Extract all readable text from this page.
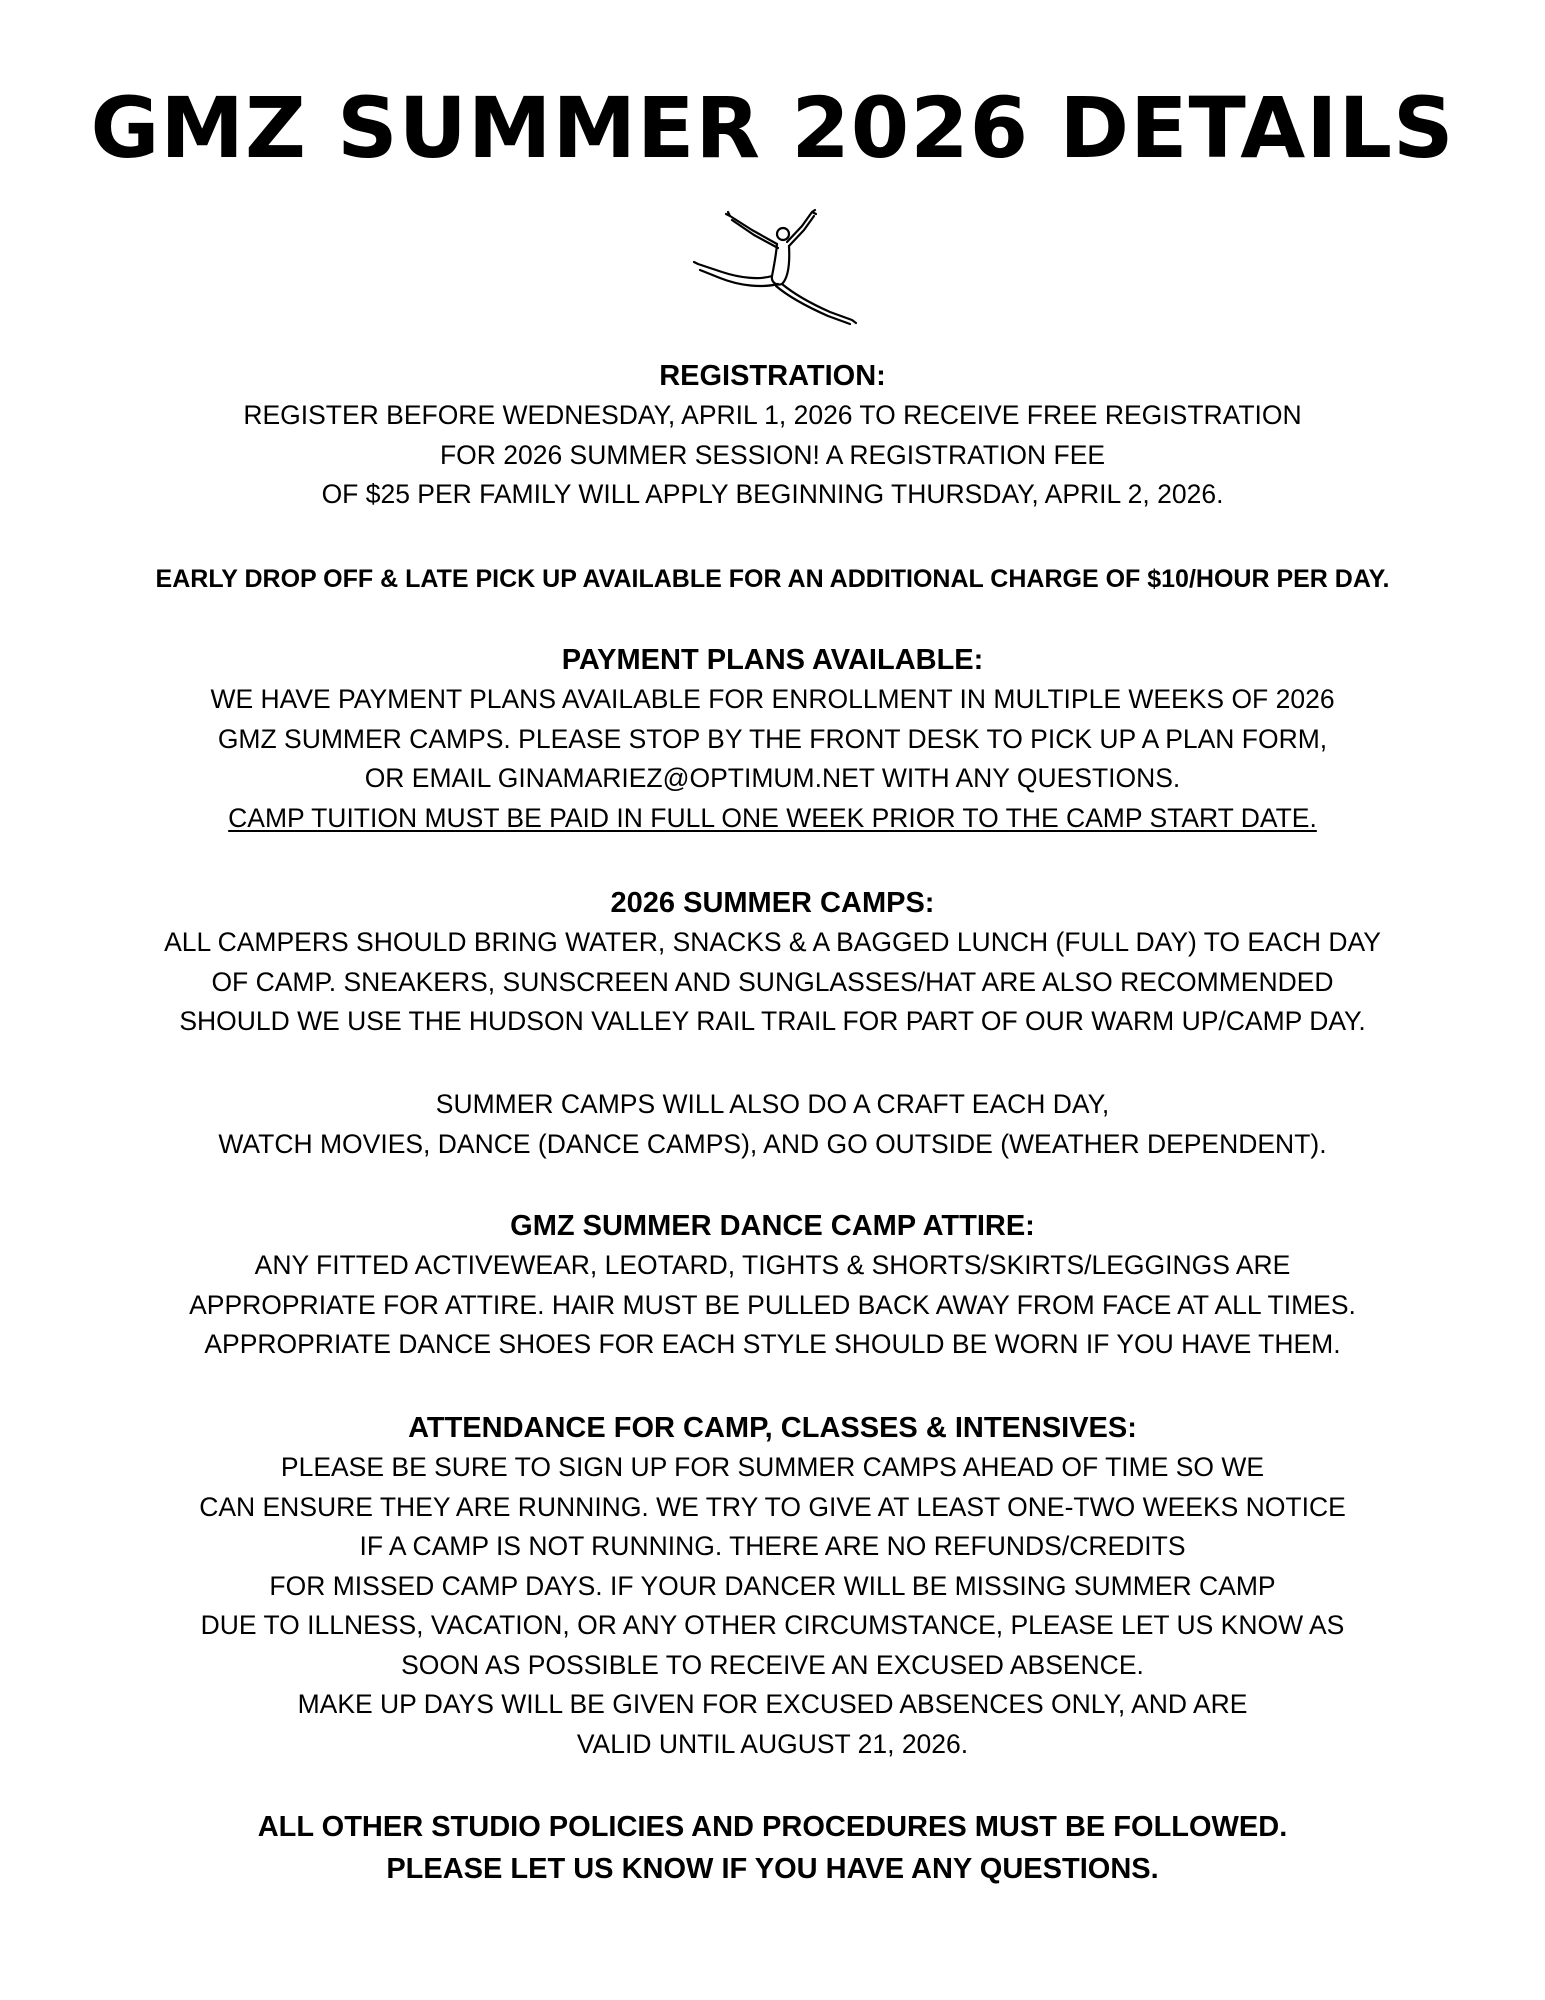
GMZ SUMMER 2026 DETAILS

REGISTRATION:

REGISTER BEFORE WEDNESDAY, APRIL 1, 2026 TO RECEIVE FREE REGISTRATION

FOR 2026 SUMMER SESSION! A REGISTRATION FEE

OF $25 PER FAMILY WILL APPLY BEGINNING THURSDAY, APRIL 2, 2026.

EARLY DROP OFF & LATE PICK UP AVAILABLE FOR AN ADDITIONAL CHARGE OF $10/HOUR PER DAY.

PAYMENT PLANS AVAILABLE:

WE HAVE PAYMENT PLANS AVAILABLE FOR ENROLLMENT IN MULTIPLE WEEKS OF 2026

GMZ SUMMER CAMPS. PLEASE STOP BY THE FRONT DESK TO PICK UP A PLAN FORM,

OR EMAIL GINAMARIEZ@OPTIMUM.NET WITH ANY QUESTIONS.

CAMP TUITION MUST BE PAID IN FULL ONE WEEK PRIOR TO THE CAMP START DATE.

2026 SUMMER CAMPS:

ALL CAMPERS SHOULD BRING WATER, SNACKS & A BAGGED LUNCH (FULL DAY) TO EACH DAY

OF CAMP. SNEAKERS, SUNSCREEN AND SUNGLASSES/HAT ARE ALSO RECOMMENDED

SHOULD WE USE THE HUDSON VALLEY RAIL TRAIL FOR PART OF OUR WARM UP/CAMP DAY.

SUMMER CAMPS WILL ALSO DO A CRAFT EACH DAY,

WATCH MOVIES, DANCE (DANCE CAMPS), AND GO OUTSIDE (WEATHER DEPENDENT).

GMZ SUMMER DANCE CAMP ATTIRE:

ANY FITTED ACTIVEWEAR, LEOTARD, TIGHTS & SHORTS/SKIRTS/LEGGINGS ARE

APPROPRIATE FOR ATTIRE. HAIR MUST BE PULLED BACK AWAY FROM FACE AT ALL TIMES.

APPROPRIATE DANCE SHOES FOR EACH STYLE SHOULD BE WORN IF YOU HAVE THEM.

ATTENDANCE FOR CAMP, CLASSES & INTENSIVES:

PLEASE BE SURE TO SIGN UP FOR SUMMER CAMPS AHEAD OF TIME SO WE

CAN ENSURE THEY ARE RUNNING. WE TRY TO GIVE AT LEAST ONE-TWO WEEKS NOTICE

IF A CAMP IS NOT RUNNING. THERE ARE NO REFUNDS/CREDITS

FOR MISSED CAMP DAYS. IF YOUR DANCER WILL BE MISSING SUMMER CAMP

DUE TO ILLNESS, VACATION, OR ANY OTHER CIRCUMSTANCE, PLEASE LET US KNOW AS

SOON AS POSSIBLE TO RECEIVE AN EXCUSED ABSENCE.

MAKE UP DAYS WILL BE GIVEN FOR EXCUSED ABSENCES ONLY, AND ARE

VALID UNTIL AUGUST 21, 2026.

ALL OTHER STUDIO POLICIES AND PROCEDURES MUST BE FOLLOWED.

PLEASE LET US KNOW IF YOU HAVE ANY QUESTIONS.
